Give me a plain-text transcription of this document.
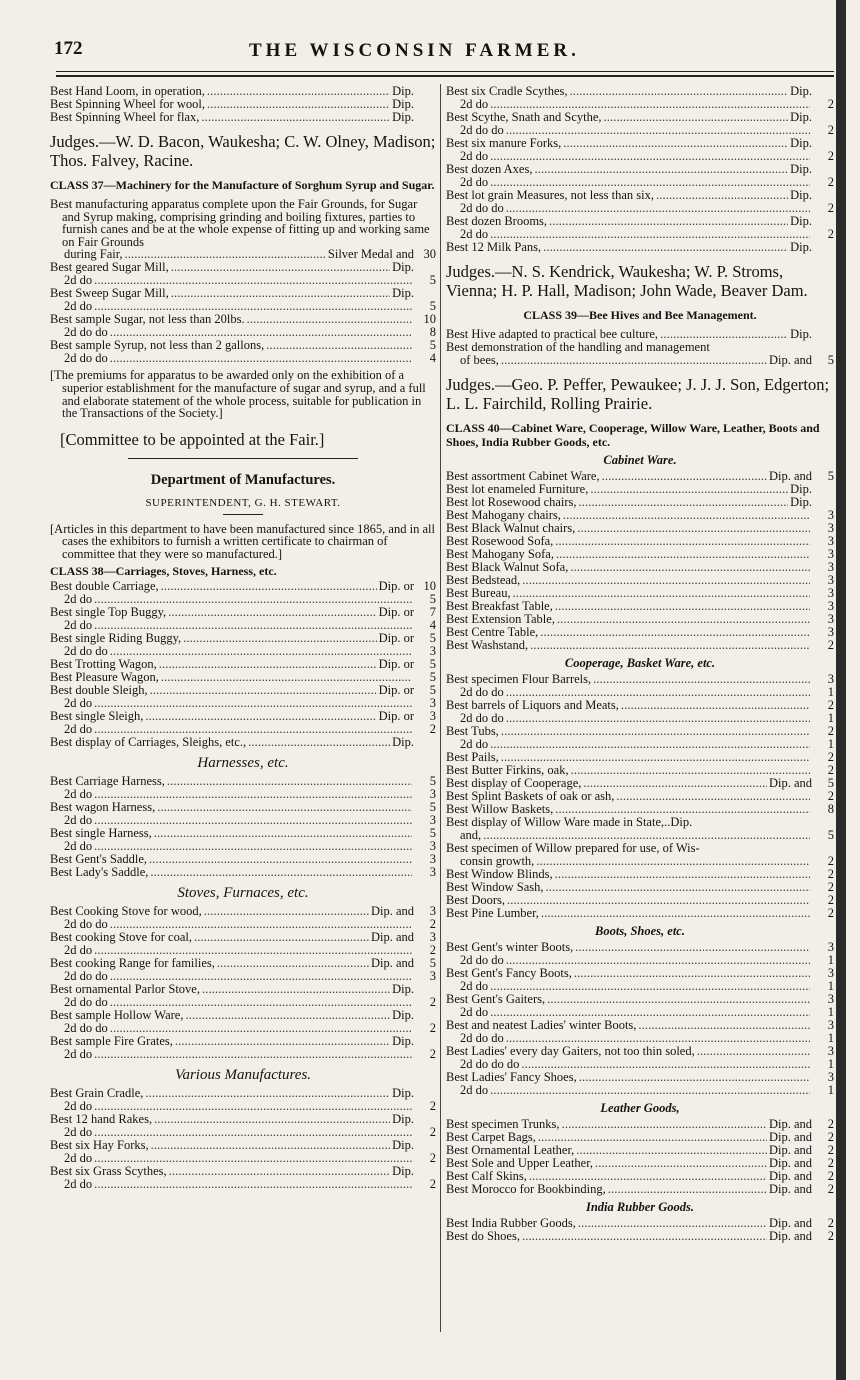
172	THE WISCONSIN FARMER.
Best Hand Loom, in operation, . . .	Dip.
Best Spinning Wheel for wool, . . .	Dip.
Best Spinning Wheel for flax, . . .	Dip.
Judges.—W. D. Bacon, Waukesha; C. W. Olney, Madison; Thos. Falvey, Racine.
CLASS 37—Machinery for the Manufacture of Sorghum Syrup and Sugar.
Best manufacturing apparatus complete upon the Fair Grounds, for Sugar and Syrup making, comprising grinding and boiling fixtures, parties to furnish canes and be at the whole expense of fitting up and working same on Fair Grounds
during Fair, . . .	Silver Medal and 30
Best geared Sugar Mill, . . .	Dip.
2d do . . .	5
Best Sweep Sugar Mill, . . .	Dip.
2d do . . .	5
Best sample Sugar, not less than 20lbs. . . .	10
2d do do . . .	8
Best sample Syrup, not less than 2 gallons, . . .	5
2d do do . . .	4
[The premiums for apparatus to be awarded only on the exhibition of a superior establishment for the manufacture of sugar and syrup, and a full and elaborate statement of the whole process, suitable for publication in the Transactions of the Society.]
[Committee to be appointed at the Fair.]
Department of Manufactures.
SUPERINTENDENT, G. H. STEWART.
[Articles in this department to have been manufactured since 1865, and in all cases the exhibitors to furnish a written certificate to chairman of committee that they were so manufactured.]
CLASS 38—Carriages, Stoves, Harness, etc.
Best double Carriage, . . .	Dip. or 10
2d do . . .	5
Best single Top Buggy, . . .	Dip. or	7
2d do . . .	4
Best single Riding Buggy, . . .	Dip. or	5
2d do do . . .	3
Best Trotting Wagon, . . .	Dip. or	5
Best Pleasure Wagon, . . .	5
Best double Sleigh, . . .	Dip. or	5
2d do . . .	3
Best single Sleigh, . . .	Dip. or	3
2d do . . .	2
Best display of Carriages, Sleighs, etc., . . .	Dip.
Harnesses, etc.
Best Carriage Harness, . . .	5
2d do . . .	3
Best wagon Harness, . . .	5
2d do . . .	3
Best single Harness, . . .	5
2d do . . .	3
Best Gent's Saddle, . . .	3
Best Lady's Saddle, . . .	3
Stoves, Furnaces, etc.
Best Cooking Stove for wood, . . .	Dip. and	3
2d do do . . .	2
Best cooking Stove for coal, . . .	Dip. and	3
2d do . . .	2
Best cooking Range for families, . . .	Dip. and	5
2d do do . . .	3
Best ornamental Parlor Stove, . . .	Dip.
2d do do . . .	2
Best sample Hollow Ware, . . .	Dip.
2d do do . . .	2
Best sample Fire Grates, . . .	Dip.
2d do . . .	2
Various Manufactures.
Best Grain Cradle, . . .	Dip.
2d do . . .	2
Best 12 hand Rakes, . . .	Dip.
2d do . . .	2
Best six Hay Forks, . . .	Dip.
2d do . . .	2
Best six Grass Scythes, . . .	Dip.
2d do . . .	2
Best six Cradle Scythes, . . .	Dip.
2d do . . .	2
Best Scythe, Snath and Scythe, . . .	Dip.
2d do do . . .	2
Best six manure Forks, . . .	Dip.
2d do . . .	2
Best dozen Axes, . . .	Dip.
2d do . . .	2
Best lot grain Measures, not less than six, . . .	Dip.
2d do do . . .	2
Best dozen Brooms, . . .	Dip.
2d do . . .	2
Best 12 Milk Pans, . . .	Dip.
Judges.—N. S. Kendrick, Waukesha; W. P. Stroms, Vienna; H. P. Hall, Madison; John Wade, Beaver Dam.
CLASS 39—Bee Hives and Bee Management.
Best Hive adapted to practical bee culture, . . .	Dip.
Best demonstration of the handling and management
of bees, . . .	Dip. and	5
Judges.—Geo. P. Peffer, Pewaukee; J. J. J. Son, Edgerton; L. L. Fairchild, Rolling Prairie.
CLASS 40—Cabinet Ware, Cooperage, Willow Ware, Leather, Boots and Shoes, India Rubber Goods, etc.
Cabinet Ware.
Best assortment Cabinet Ware, . . .	Dip. and	5
Best lot enameled Furniture, . . .	Dip.
Best lot Rosewood chairs, . . .	Dip.
Best Mahogany chairs, . . .	3
Best Black Walnut chairs, . . .	3
Best Rosewood Sofa, . . .	3
Best Mahogany Sofa, . . .	3
Best Black Walnut Sofa, . . .	3
Best Bedstead, . . .	3
Best Bureau, . . .	3
Best Breakfast Table, . . .	3
Best Extension Table, . . .	3
Best Centre Table, . . .	3
Best Washstand, . . .	2
Cooperage, Basket Ware, etc.
Best specimen Flour Barrels, . . .	3
2d do do . . .	1
Best barrels of Liquors and Meats, . . .	2
2d do do . . .	1
Best Tubs, . . .	2
2d do . . .	1
Best Pails, . . .	2
Best Butter Firkins, oak, . . .	2
Best display of Cooperage, . . .	Dip. and	5
Best Splint Baskets of oak or ash, . . .	2
Best Willow Baskets, . . .	8
Best display of Willow Ware made in State,..Dip.
and, . . .	5
Best specimen of Willow prepared for use, of Wis-
consin growth, . . .	2
Best Window Blinds, . . .	2
Best Window Sash, . . .	2
Best Doors, . . .	2
Best Pine Lumber, . . .	2
Boots, Shoes, etc.
Best Gent's winter Boots, . . .	3
2d do do . . .	1
Best Gent's Fancy Boots, . . .	3
2d do . . .	1
Best Gent's Gaiters, . . .	3
2d do . . .	1
Best and neatest Ladies' winter Boots, . . .	3
2d do do . . .	1
Best Ladies' every day Gaiters, not too thin soled, . . .	3
2d do do do . . .	1
Best Ladies' Fancy Shoes, . . .	3
2d do . . .	1
Leather Goods,
Best specimen Trunks, . . .	Dip. and	2
Best Carpet Bags, . . .	Dip. and	2
Best Ornamental Leather, . . .	Dip. and	2
Best Sole and Upper Leather, . . .	Dip. and	2
Best Calf Skins, . . .	Dip. and	2
Best Morocco for Bookbinding, . . .	Dip. and	2
India Rubber Goods.
Best India Rubber Goods, . . .	Dip. and	2
Best do Shoes, . . .	Dip. and	2
